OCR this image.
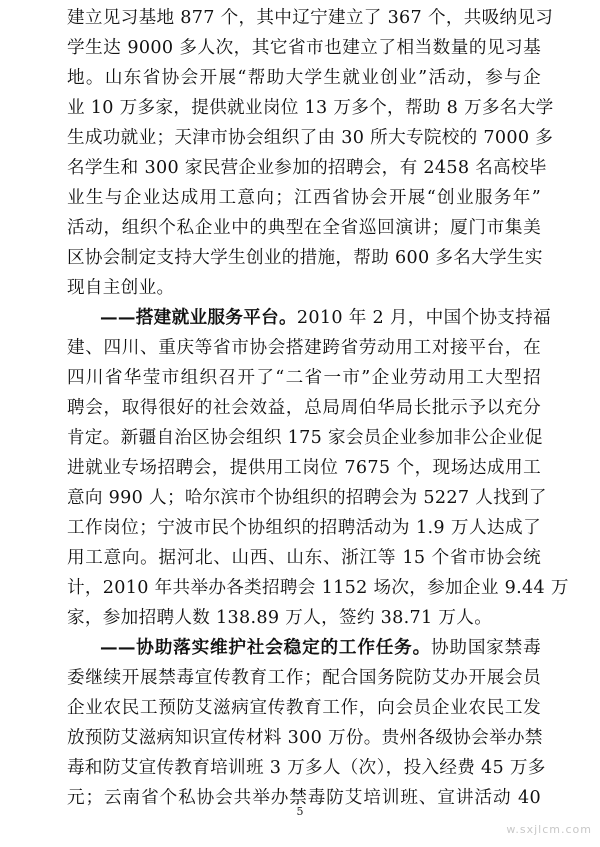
建立见习基地 877 个，其中辽宁建立了 367 个，共吸纳见习
学生达 9000 多人次，其它省市也建立了相当数量的见习基
地。山东省协会开展“帮助大学生就业创业”活动，参与企
业 10 万多家，提供就业岗位 13 万多个，帮助 8 万多名大学
生成功就业；天津市协会组织了由 30 所大专院校的 7000 多
名学生和 300 家民营企业参加的招聘会，有 2458 名高校毕
业生与企业达成用工意向；江西省协会开展“创业服务年”
活动，组织个私企业中的典型在全省巡回演讲；厦门市集美
区协会制定支持大学生创业的措施，帮助 600 多名大学生实
现自主创业。
——搭建就业服务平台。2010 年 2 月，中国个协支持福
建、四川、重庆等省市协会搭建跨省劳动用工对接平台，在
四川省华莹市组织召开了“二省一市”企业劳动用工大型招
聘会，取得很好的社会效益，总局周伯华局长批示予以充分
肯定。新疆自治区协会组织 175 家会员企业参加非公企业促
进就业专场招聘会，提供用工岗位 7675 个，现场达成用工
意向 990 人；哈尔滨市个协组织的招聘会为 5227 人找到了
工作岗位；宁波市民个协组织的招聘活动为 1.9 万人达成了
用工意向。据河北、山西、山东、浙江等 15 个省市协会统
计，2010 年共举办各类招聘会 1152 场次，参加企业 9.44 万
家，参加招聘人数 138.89 万人，签约 38.71 万人。
——协助落实维护社会稳定的工作任务。协助国家禁毒
委继续开展禁毒宣传教育工作；配合国务院防艾办开展会员
企业农民工预防艾滋病宣传教育工作，向会员企业农民工发
放预防艾滋病知识宣传材料 300 万份。贵州各级协会举办禁
毒和防艾宣传教育培训班 3 万多人（次），投入经费 45 万多
元；云南省个私协会共举办禁毒防艾培训班、宣讲活动 40
5
w.sxjlcm.com
